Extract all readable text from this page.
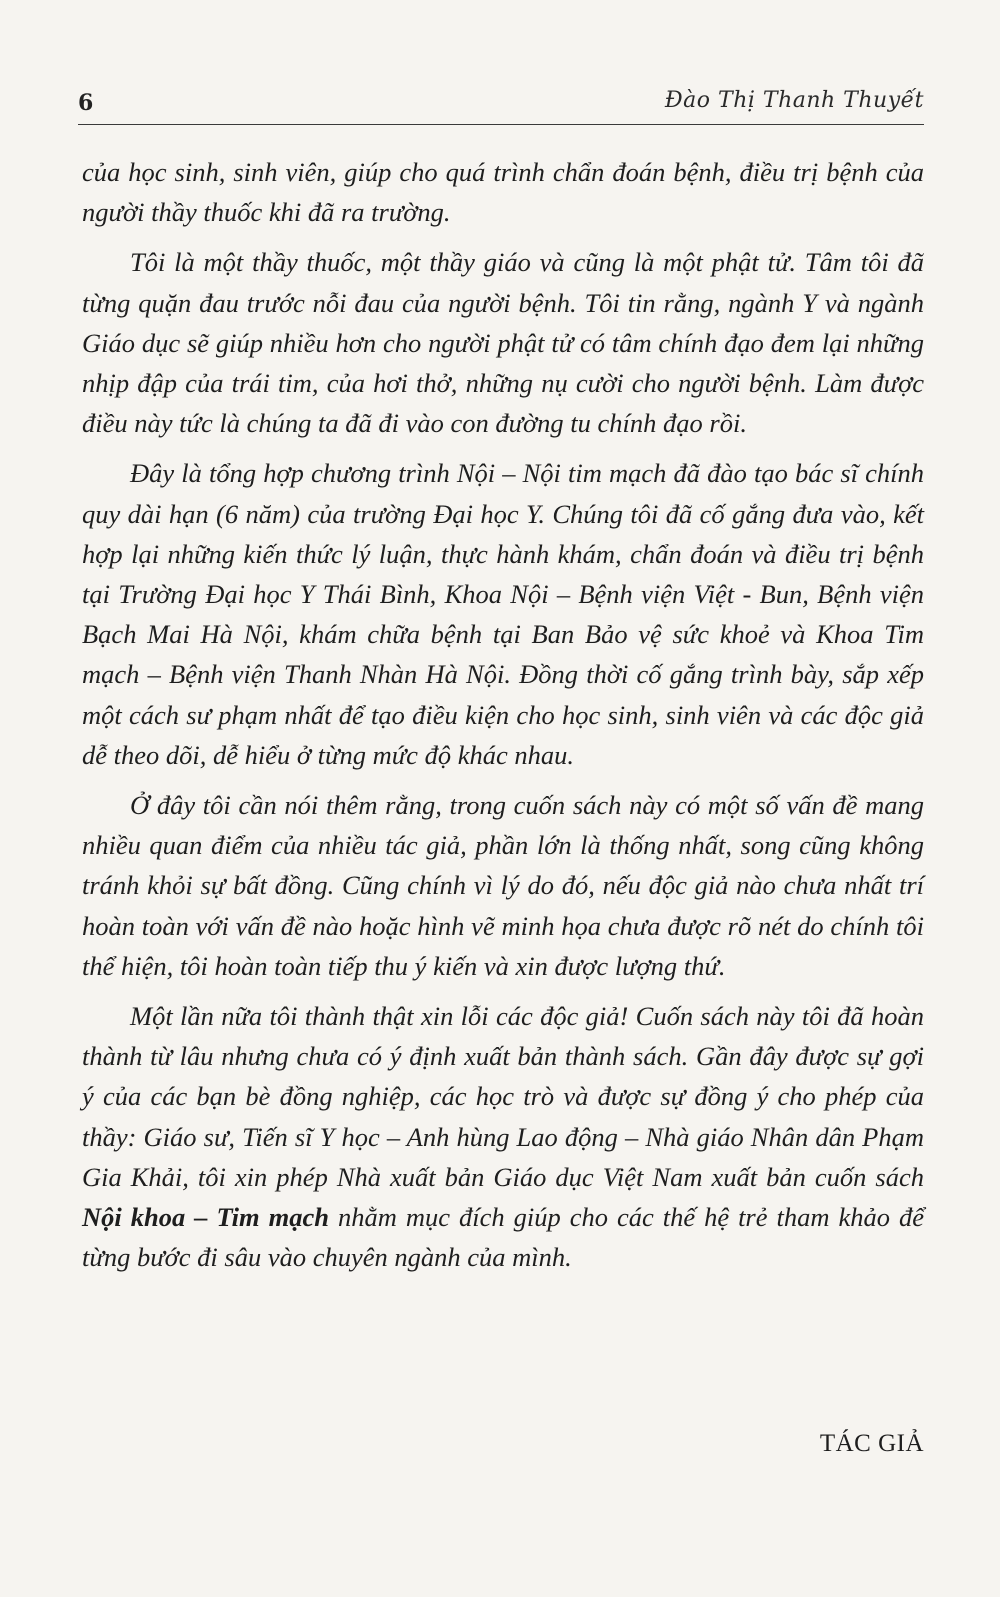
6	Đào Thị Thanh Thuyết

của học sinh, sinh viên, giúp cho quá trình chẩn đoán bệnh, điều trị bệnh của người thầy thuốc khi đã ra trường.

Tôi là một thầy thuốc, một thầy giáo và cũng là một phật tử. Tâm tôi đã từng quặn đau trước nỗi đau của người bệnh. Tôi tin rằng, ngành Y và ngành Giáo dục sẽ giúp nhiều hơn cho người phật tử có tâm chính đạo đem lại những nhịp đập của trái tim, của hơi thở, những nụ cười cho người bệnh. Làm được điều này tức là chúng ta đã đi vào con đường tu chính đạo rồi.

Đây là tổng hợp chương trình Nội – Nội tim mạch đã đào tạo bác sĩ chính quy dài hạn (6 năm) của trường Đại học Y. Chúng tôi đã cố gắng đưa vào, kết hợp lại những kiến thức lý luận, thực hành khám, chẩn đoán và điều trị bệnh tại Trường Đại học Y Thái Bình, Khoa Nội – Bệnh viện Việt - Bun, Bệnh viện Bạch Mai Hà Nội, khám chữa bệnh tại Ban Bảo vệ sức khoẻ và Khoa Tim mạch – Bệnh viện Thanh Nhàn Hà Nội. Đồng thời cố gắng trình bày, sắp xếp một cách sư phạm nhất để tạo điều kiện cho học sinh, sinh viên và các độc giả dễ theo dõi, dễ hiểu ở từng mức độ khác nhau.

Ở đây tôi cần nói thêm rằng, trong cuốn sách này có một số vấn đề mang nhiều quan điểm của nhiều tác giả, phần lớn là thống nhất, song cũng không tránh khỏi sự bất đồng. Cũng chính vì lý do đó, nếu độc giả nào chưa nhất trí hoàn toàn với vấn đề nào hoặc hình vẽ minh họa chưa được rõ nét do chính tôi thể hiện, tôi hoàn toàn tiếp thu ý kiến và xin được lượng thứ.

Một lần nữa tôi thành thật xin lỗi các độc giả! Cuốn sách này tôi đã hoàn thành từ lâu nhưng chưa có ý định xuất bản thành sách. Gần đây được sự gợi ý của các bạn bè đồng nghiệp, các học trò và được sự đồng ý cho phép của thầy: Giáo sư, Tiến sĩ Y học – Anh hùng Lao động – Nhà giáo Nhân dân Phạm Gia Khải, tôi xin phép Nhà xuất bản Giáo dục Việt Nam xuất bản cuốn sách Nội khoa – Tim mạch nhằm mục đích giúp cho các thế hệ trẻ tham khảo để từng bước đi sâu vào chuyên ngành của mình.

TÁC GIẢ
